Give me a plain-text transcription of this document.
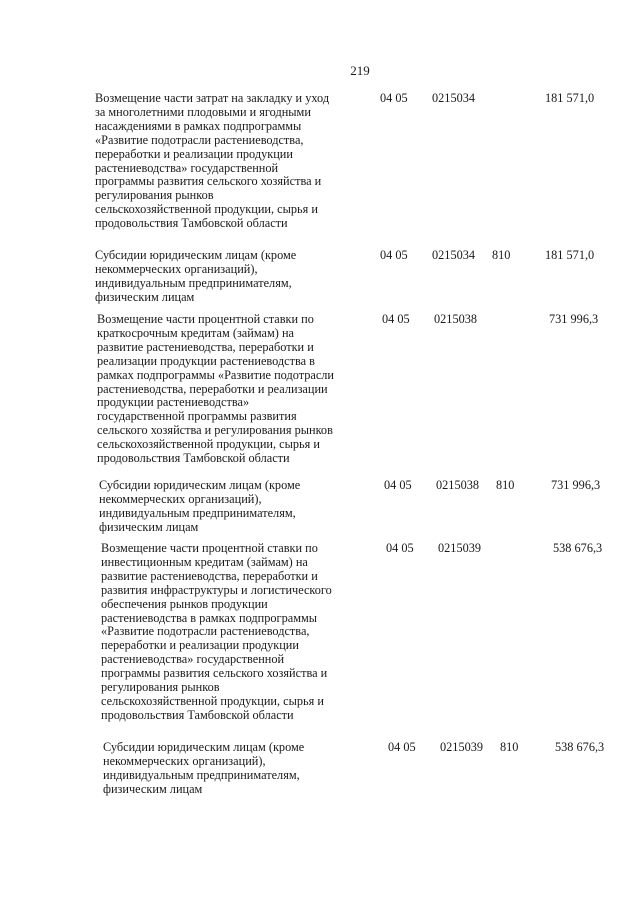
219
Возмещение части затрат на закладку и уход
за многолетними плодовыми и ягодными
насаждениями в рамках подпрограммы
«Развитие подотрасли растениеводства,
переработки и реализации продукции
растениеводства» государственной
программы развития сельского хозяйства и
регулирования рынков
сельскохозяйственной продукции, сырья и
продовольствия Тамбовской области
04 05 0215034	181 571,0
Субсидии юридическим лицам (кроме
некоммерческих организаций),
индивидуальным предпринимателям,
физическим лицам
04 05 0215034 810	181 571,0
Возмещение части процентной ставки по
краткосрочным кредитам (займам) на
развитие растениеводства, переработки и
реализации продукции растениеводства в
рамках подпрограммы «Развитие подотрасли
растениеводства, переработки и реализации
продукции растениеводства»
государственной программы развития
сельского хозяйства и регулирования рынков
сельскохозяйственной продукции, сырья и
продовольствия Тамбовской области
04 05 0215038	731 996,3
Субсидии юридическим лицам (кроме
некоммерческих организаций),
индивидуальным предпринимателям,
физическим лицам
04 05 0215038 810	731 996,3
Возмещение части процентной ставки по
инвестиционным кредитам (займам) на
развитие растениеводства, переработки и
развития инфраструктуры и логистического
обеспечения рынков продукции
растениеводства в рамках подпрограммы
«Развитие подотрасли растениеводства,
переработки и реализации продукции
растениеводства» государственной
программы развития сельского хозяйства и
регулирования рынков
сельскохозяйственной продукции, сырья и
продовольствия Тамбовской области
04 05 0215039	538 676,3
Субсидии юридическим лицам (кроме
некоммерческих организаций),
индивидуальным предпринимателям,
физическим лицам
04 05 0215039 810	538 676,3
